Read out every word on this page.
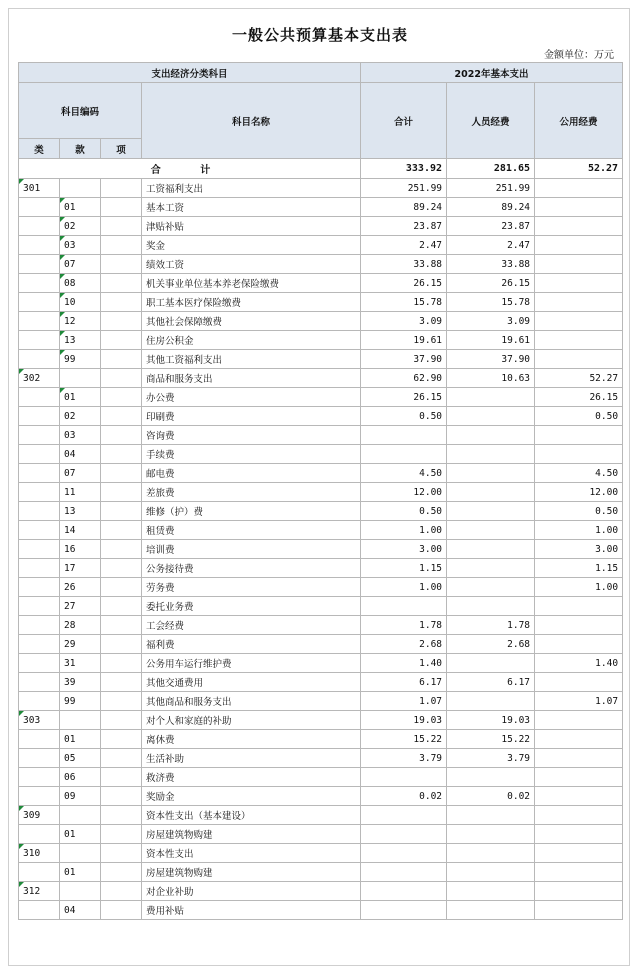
一般公共预算基本支出表
金额单位：万元
支出经济分类科目				2022年基本支出		
科目编码			科目名称	合计	人员经费	公用经费
类	款	项				
合 计				333.92	281.65	52.27
301			工资福利支出	251.99	251.99	
	01		基本工资	89.24	89.24	
	02		津贴补贴	23.87	23.87	
	03		奖金	2.47	2.47	
	07		绩效工资	33.88	33.88	
	08		机关事业单位基本养老保险缴费	26.15	26.15	
	10		职工基本医疗保险缴费	15.78	15.78	
	12		其他社会保障缴费	3.09	3.09	
	13		住房公积金	19.61	19.61	
	99		其他工资福利支出	37.90	37.90	
302			商品和服务支出	62.90	10.63	52.27
	01		办公费	26.15		26.15
	02		印刷费	0.50		0.50
	03		咨询费			
	04		手续费			
	07		邮电费	4.50		4.50
	11		差旅费	12.00		12.00
	13		维修（护）费	0.50		0.50
	14		租赁费	1.00		1.00
	16		培训费	3.00		3.00
	17		公务接待费	1.15		1.15
	26		劳务费	1.00		1.00
	27		委托业务费			
	28		工会经费	1.78	1.78	
	29		福利费	2.68	2.68	
	31		公务用车运行维护费	1.40		1.40
	39		其他交通费用	6.17	6.17	
	99		其他商品和服务支出	1.07		1.07
303			对个人和家庭的补助	19.03	19.03	
	01		离休费	15.22	15.22	
	05		生活补助	3.79	3.79	
	06		救济费			
	09		奖励金	0.02	0.02	
309			资本性支出（基本建设）			
	01		房屋建筑物购建			
310			资本性支出			
	01		房屋建筑物购建			
312			对企业补助			
	04		费用补贴			
